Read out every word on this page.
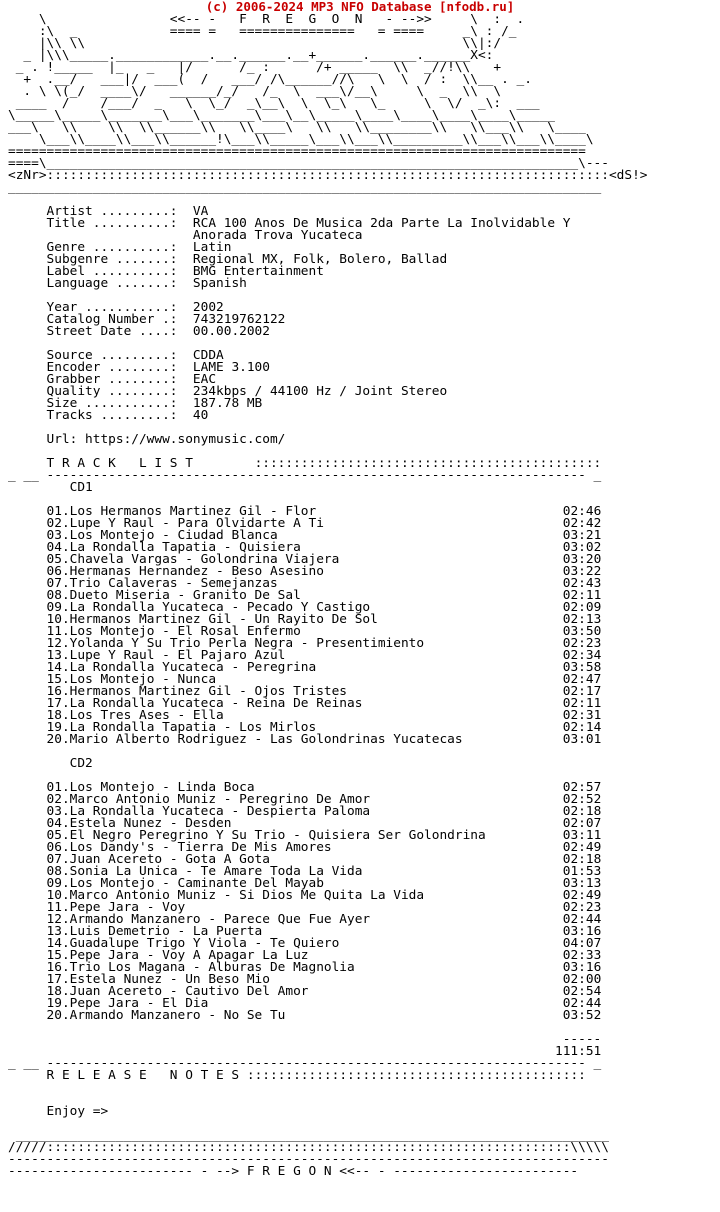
(c) 2006-2024 MP3 NFO Database [nfodb.ru]
\                <<-- -   F  R  E  G  O  N   - -->>     \  :  .
:\  _            ==== =   ===============   = ====     _\ : /_
|\\ \\                                                 \\|:/
_ |\\\_____.____________.__.______.__+______.______.______X<:
_ . !_____  |_   _   |/      /_ :      /+ _____  \\  _//!\\   +
+  .__/   ___|/  ___(  /   ___/ /\______//\   \  \  / :  \\__ . _.
. \ \(_/  ____\/   ______/_/   /_  \  ___\/__\     \  _  \\  \
____  /    /___/  _   \  \_/  _\__\  \  \_\   \_     \  \/  _\:  ___
\_____\_____\_______\___\_______\___\__\_____\____\____\____\____\_____
___\   \\    \\  \\______\\   \\____\   \\   \\________\\   \\___\\   \____
\___\\____\\___\\______!\___\\_____\___\\___\\_________\\___\\___\\____\
===========================================================================
====\_____________________________________________________________________\---
<zNr>:::::::::::::::::::::::::::::::::::::::::::::::::::::::::::::::::::::::::<dS!>
_____________________________________________________________________________
Artist .........:  VA
Title ..........:  RCA 100 Anos De Musica 2da Parte La Inolvidable Y
Anorada Trova Yucateca
Genre ..........:  Latin
Subgenre .......:  Regional MX, Folk, Bolero, Ballad
Label ..........:  BMG Entertainment
Language .......:  Spanish
Year ...........:  2002
Catalog Number .:  743219762122
Street Date ....:  00.00.2002
Source .........:  CDDA
Encoder ........:  LAME 3.100
Grabber ........:  EAC
Quality ........:  234kbps / 44100 Hz / Joint Stereo
Size ...........:  187.78 MB
Tracks .........:  40
Url: https://www.sonymusic.com/
T R A C K   L I S T	:::::::::::::::::::::::::::::::::::::::::::::
_ __ ---------------------------------------------------------------------- _
CD1
01.Los Hermanos Martinez Gil - Flor	02:46
02.Lupe Y Raul - Para Olvidarte A Ti	02:42
03.Los Montejo - Ciudad Blanca	03:21
04.La Rondalla Tapatia - Quisiera	03:02
05.Chavela Vargas - Golondrina Viajera	03:20
06.Hermanas Hernandez - Beso Asesino	03:22
07.Trio Calaveras - Semejanzas	02:43
08.Dueto Miseria - Granito De Sal	02:11
09.La Rondalla Yucateca - Pecado Y Castigo	02:09
10.Hermanos Martinez Gil - Un Rayito De Sol	02:13
11.Los Montejo - El Rosal Enfermo	03:50
12.Yolanda Y Su Trio Perla Negra - Presentimiento	02:23
13.Lupe Y Raul - El Pajaro Azul	02:34
14.La Rondalla Yucateca - Peregrina	03:58
15.Los Montejo - Nunca	02:47
16.Hermanos Martinez Gil - Ojos Tristes	02:17
17.La Rondalla Yucateca - Reina De Reinas	02:11
18.Los Tres Ases - Ella	02:31
19.La Rondalla Tapatia - Los Mirlos	02:14
20.Mario Alberto Rodriguez - Las Golondrinas Yucatecas	03:01
CD2
01.Los Montejo - Linda Boca	02:57
02.Marco Antonio Muniz - Peregrino De Amor	02:52
03.La Rondalla Yucateca - Despierta Paloma	02:18
04.Estela Nunez - Desden	02:07
05.El Negro Peregrino Y Su Trio - Quisiera Ser Golondrina	03:11
06.Los Dandy's - Tierra De Mis Amores	02:49
07.Juan Acereto - Gota A Gota	02:18
08.Sonia La Unica - Te Amare Toda La Vida	01:53
09.Los Montejo - Caminante Del Mayab	03:13
10.Marco Antonio Muniz - Si Dios Me Quita La Vida	02:49
11.Pepe Jara - Voy	02:23
12.Armando Manzanero - Parece Que Fue Ayer	02:44
13.Luis Demetrio - La Puerta	03:16
14.Guadalupe Trigo Y Viola - Te Quiero	04:07
15.Pepe Jara - Voy A Apagar La Luz	02:33
16.Trio Los Magana - Alburas De Magnolia	03:16
17.Estela Nunez - Un Beso Mio	02:00
18.Juan Acereto - Cautivo Del Amor	02:54
19.Pepe Jara - El Dia	02:44
20.Armando Manzanero - No Se Tu	03:52
-----
111:51
_ __ ---------------------------------------------------------------------- _
R E L E A S E   N O T E S ::::::::::::::::::::::::::::::::::::::::::::
Enjoy =>
_____________________________________________________________________________
/////::::::::::::::::::::::::::::::::::::::::::::::::::::::::::::::::::::\\\\\
------------------------------------------------------------------------------
------------------------ - --> F R E G O N <<-- - ------------------------
